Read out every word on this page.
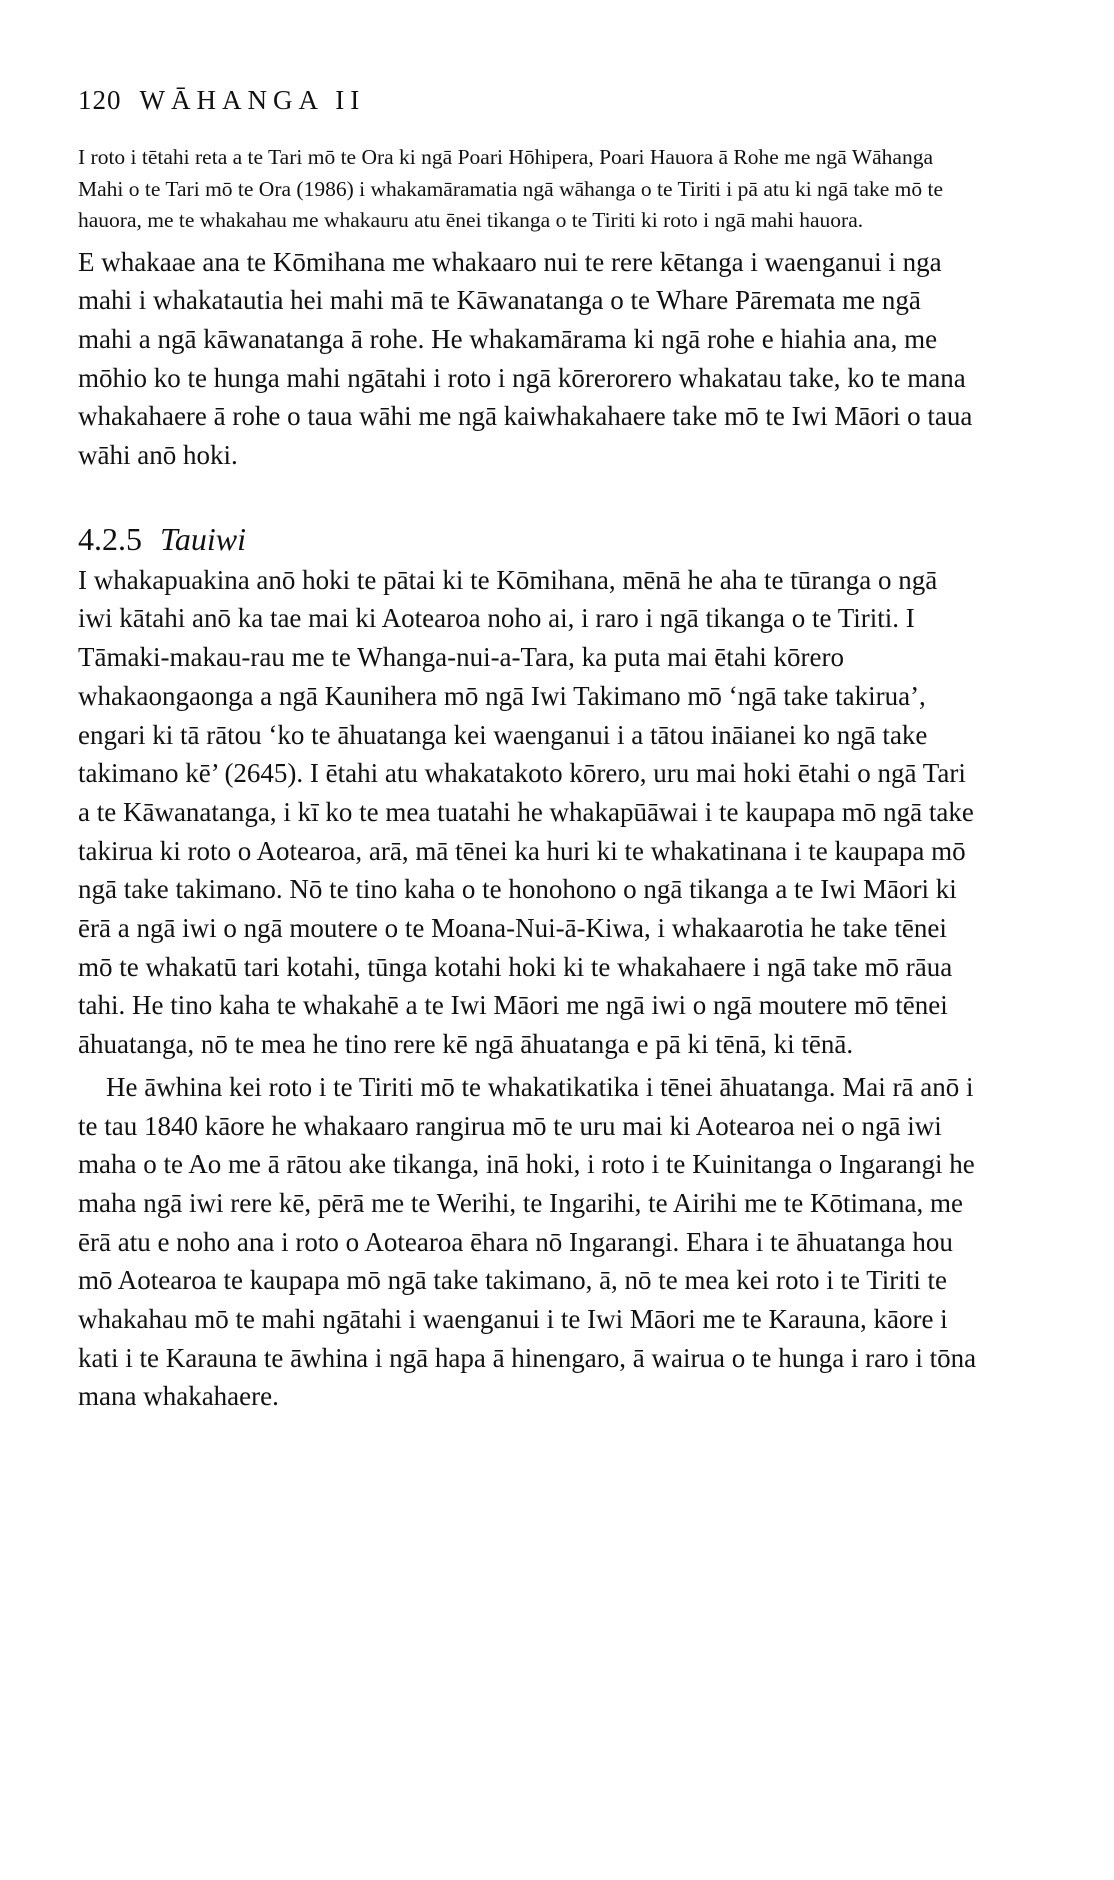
120 WĀHANGA II

I roto i tētahi reta a te Tari mō te Ora ki ngā Poari Hōhipera, Poari Hauora ā Rohe me ngā Wāhanga Mahi o te Tari mō te Ora (1986) i whakamāramatia ngā wāhanga o te Tiriti i pā atu ki ngā take mō te hauora, me te whakahau me whakauru atu ēnei tikanga o te Tiriti ki roto i ngā mahi hauora.

E whakaae ana te Kōmihana me whakaaro nui te rere kētanga i waenganui i nga mahi i whakatautia hei mahi mā te Kāwanatanga o te Whare Pāremata me ngā mahi a ngā kāwanatanga ā rohe. He whakamārama ki ngā rohe e hiahia ana, me mōhio ko te hunga mahi ngātahi i roto i ngā kōrerorero whakatau take, ko te mana whakahaere ā rohe o taua wāhi me ngā kaiwhakahaere take mō te Iwi Māori o taua wāhi anō hoki.

4.2.5 Tauiwi

I whakapuakina anō hoki te pātai ki te Kōmihana, mēnā he aha te tūranga o ngā iwi kātahi anō ka tae mai ki Aotearoa noho ai, i raro i ngā tikanga o te Tiriti. I Tāmaki-makau-rau me te Whanga-nui-a-Tara, ka puta mai ētahi kōrero whakaongaonga a ngā Kaunihera mō ngā Iwi Takimano mō ‘ngā take takirua’, engari ki tā rātou ‘ko te āhuatanga kei waenganui i a tātou ināianei ko ngā take takimano kē’ (2645). I ētahi atu whakatakoto kōrero, uru mai hoki ētahi o ngā Tari a te Kāwanatanga, i kī ko te mea tuatahi he whakapūāwai i te kaupapa mō ngā take takirua ki roto o Aotearoa, arā, mā tēnei ka huri ki te whakatinana i te kaupapa mō ngā take takimano. Nō te tino kaha o te honohono o ngā tikanga a te Iwi Māori ki ērā a ngā iwi o ngā moutere o te Moana-Nui-ā-Kiwa, i whakaarotia he take tēnei mō te whakatū tari kotahi, tūnga kotahi hoki ki te whakahaere i ngā take mō rāua tahi. He tino kaha te whakahē a te Iwi Māori me ngā iwi o ngā moutere mō tēnei āhuatanga, nō te mea he tino rere kē ngā āhuatanga e pā ki tēnā, ki tēnā.

He āwhina kei roto i te Tiriti mō te whakatikatika i tēnei āhuatanga. Mai rā anō i te tau 1840 kāore he whakaaro rangirua mō te uru mai ki Aotearoa nei o ngā iwi maha o te Ao me ā rātou ake tikanga, inā hoki, i roto i te Kuinitanga o Ingarangi he maha ngā iwi rere kē, pērā me te Werihi, te Ingarihi, te Airihi me te Kōtimana, me ērā atu e noho ana i roto o Aotearoa ēhara nō Ingarangi. Ehara i te āhuatanga hou mō Aotearoa te kaupapa mō ngā take takimano, ā, nō te mea kei roto i te Tiriti te whakahau mō te mahi ngātahi i waenganui i te Iwi Māori me te Karauna, kāore i kati i te Karauna te āwhina i ngā hapa ā hinengaro, ā wairua o te hunga i raro i tōna mana whakahaere.
